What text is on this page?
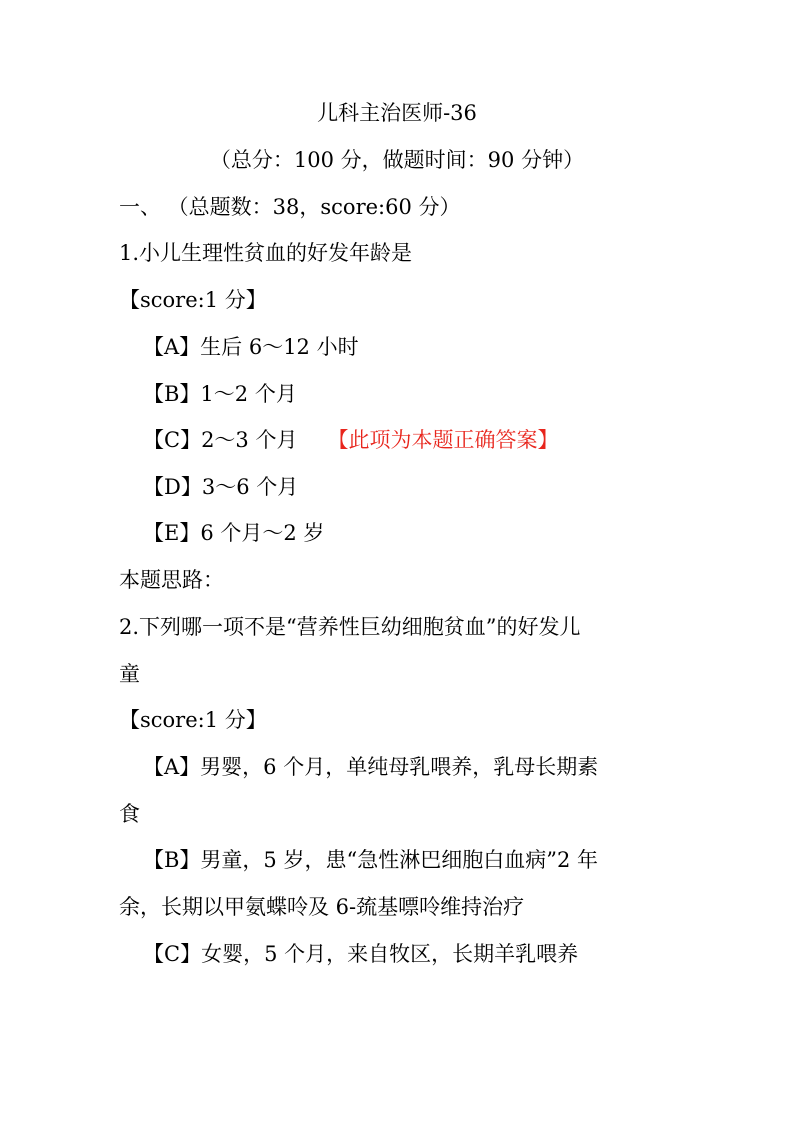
儿科主治医师-36
（总分：100 分，做题时间：90 分钟）
一、 （总题数：38，score:60 分）
1.小儿生理性贫血的好发年龄是
【score:1 分】
【A】生后 6～12 小时
【B】1～2 个月
【C】2～3 个月 【此项为本题正确答案】
【D】3～6 个月
【E】6 个月～2 岁
本题思路：
2.下列哪一项不是“营养性巨幼细胞贫血”的好发儿
童
【score:1 分】
【A】男婴，6 个月，单纯母乳喂养，乳母长期素
食
【B】男童，5 岁，患“急性淋巴细胞白血病”2 年
余，长期以甲氨蝶呤及 6-巯基嘌呤维持治疗
【C】女婴，5 个月，来自牧区，长期羊乳喂养
